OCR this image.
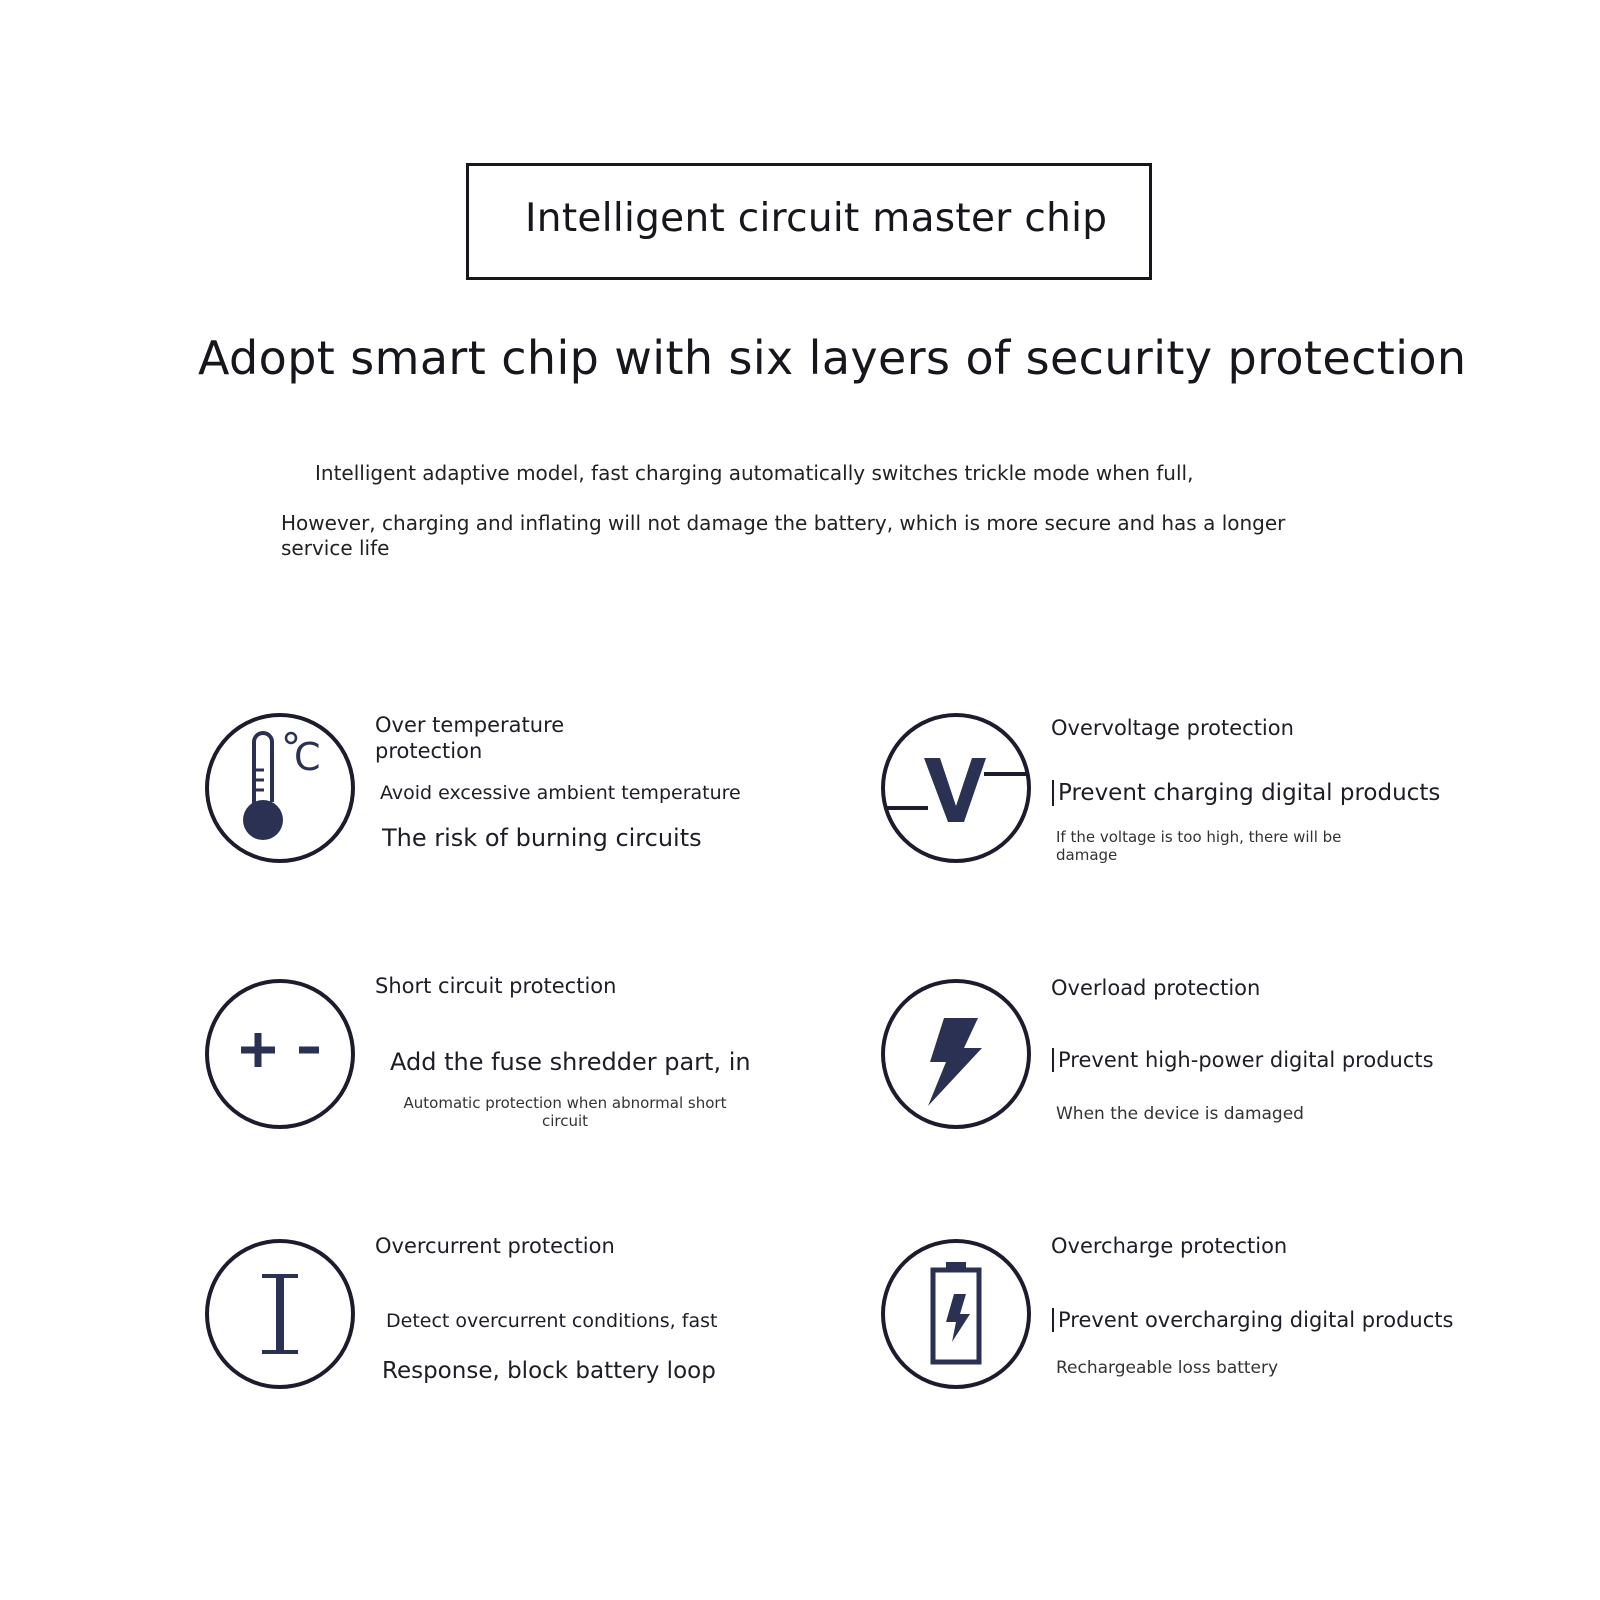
Intelligent circuit master chip
Adopt smart chip with six layers of security protection
Intelligent adaptive model, fast charging automatically switches trickle mode when full,
However, charging and inflating will not damage the battery, which is more secure and has a longer service life
C
Over temperature protection
Avoid excessive ambient temperature
The risk of burning circuits
Overvoltage protection
Prevent charging digital products
If the voltage is too high, there will be damage
Short circuit protection
Add the fuse shredder part, in
Automatic protection when abnormal short circuit
Overload protection
Prevent high-power digital products
When the device is damaged
Overcurrent protection
Detect overcurrent conditions, fast
Response, block battery loop
Overcharge protection
Prevent overcharging digital products
Rechargeable loss battery
